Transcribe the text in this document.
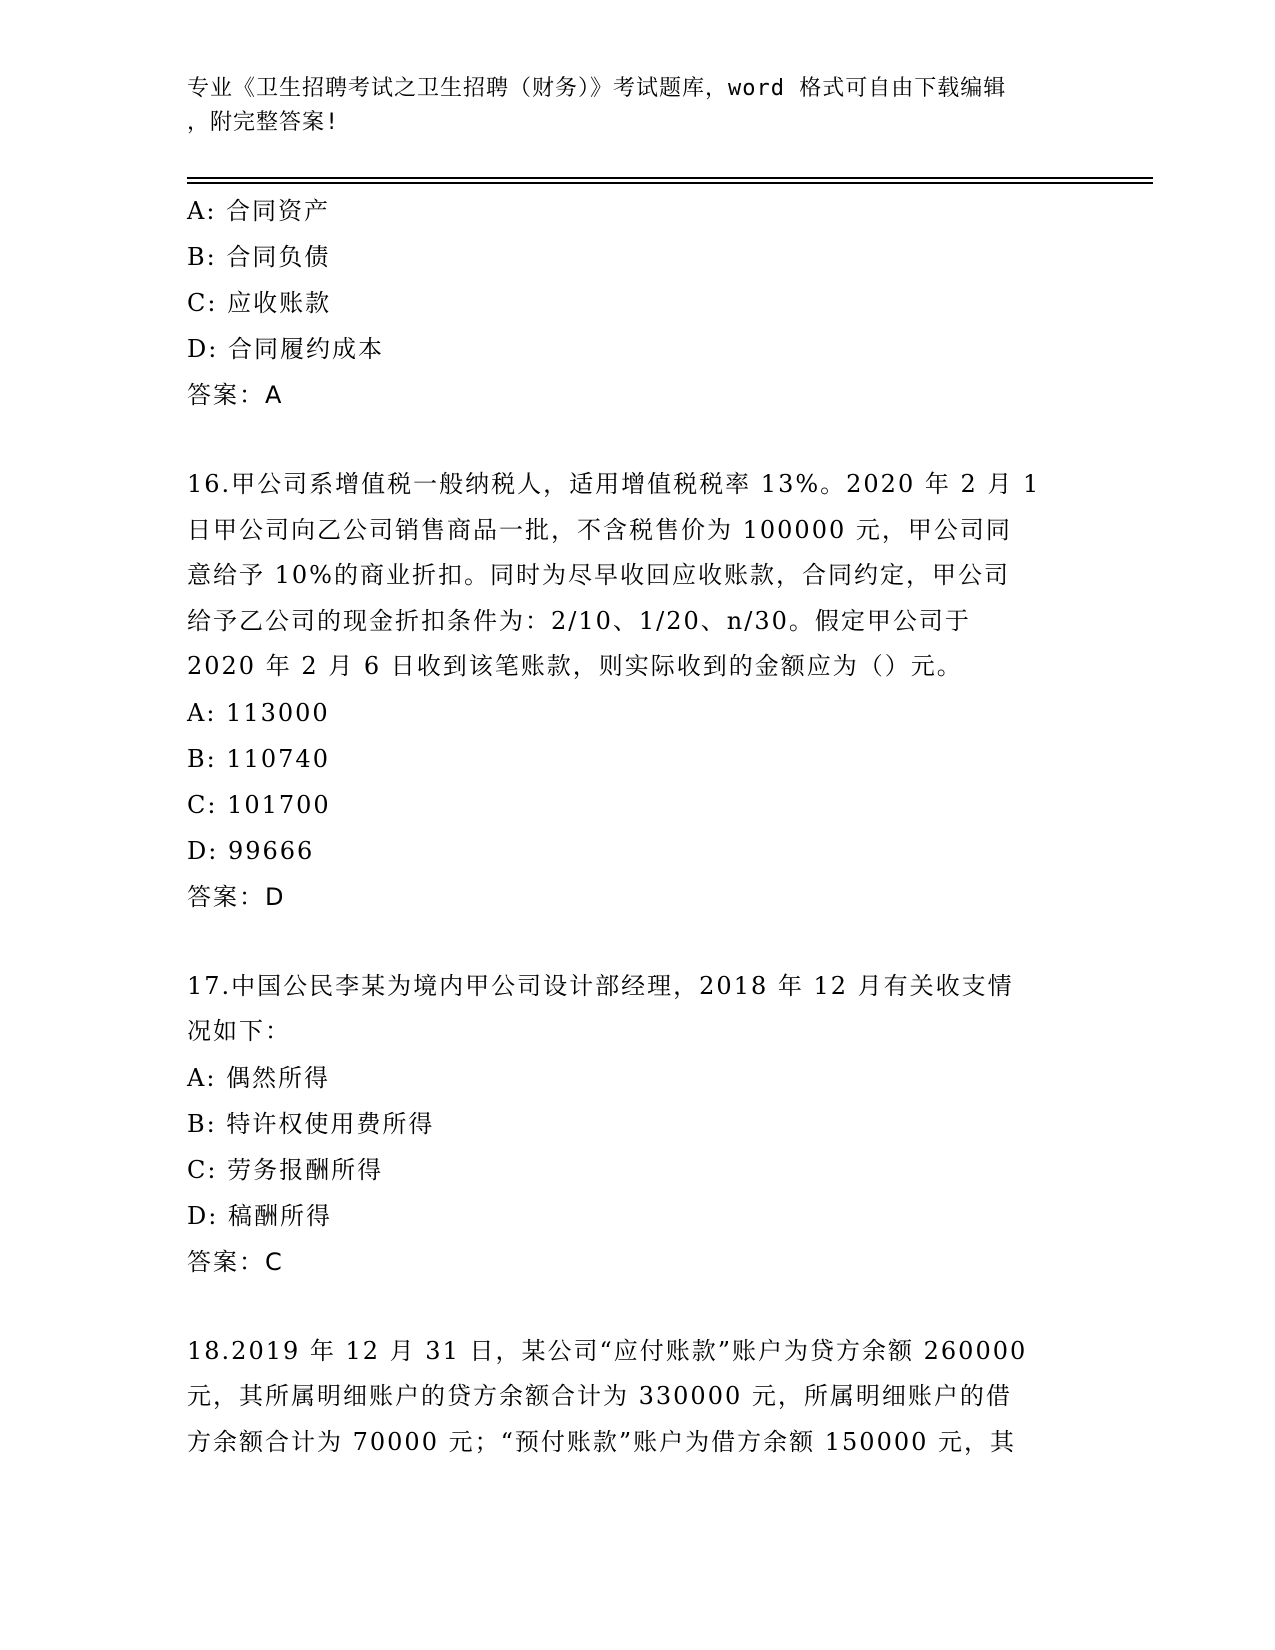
专业《卫生招聘考试之卫生招聘（财务）》考试题库，word 格式可自由下载编辑
，附完整答案!
A: 合同资产
B: 合同负债
C: 应收账款
D: 合同履约成本
答案：A
16.甲公司系增值税一般纳税人，适用增值税税率 13%。2020 年 2 月 1
日甲公司向乙公司销售商品一批，不含税售价为 100000 元，甲公司同
意给予 10%的商业折扣。同时为尽早收回应收账款，合同约定，甲公司
给予乙公司的现金折扣条件为：2/10、1/20、n/30。假定甲公司于
2020 年 2 月 6 日收到该笔账款，则实际收到的金额应为（）元。
A: 113000
B: 110740
C: 101700
D: 99666
答案：D
17.中国公民李某为境内甲公司设计部经理，2018 年 12 月有关收支情
况如下：
A: 偶然所得
B: 特许权使用费所得
C: 劳务报酬所得
D: 稿酬所得
答案：C
18.2019 年 12 月 31 日，某公司“应付账款”账户为贷方余额 260000
元，其所属明细账户的贷方余额合计为 330000 元，所属明细账户的借
方余额合计为 70000 元；“预付账款”账户为借方余额 150000 元，其
